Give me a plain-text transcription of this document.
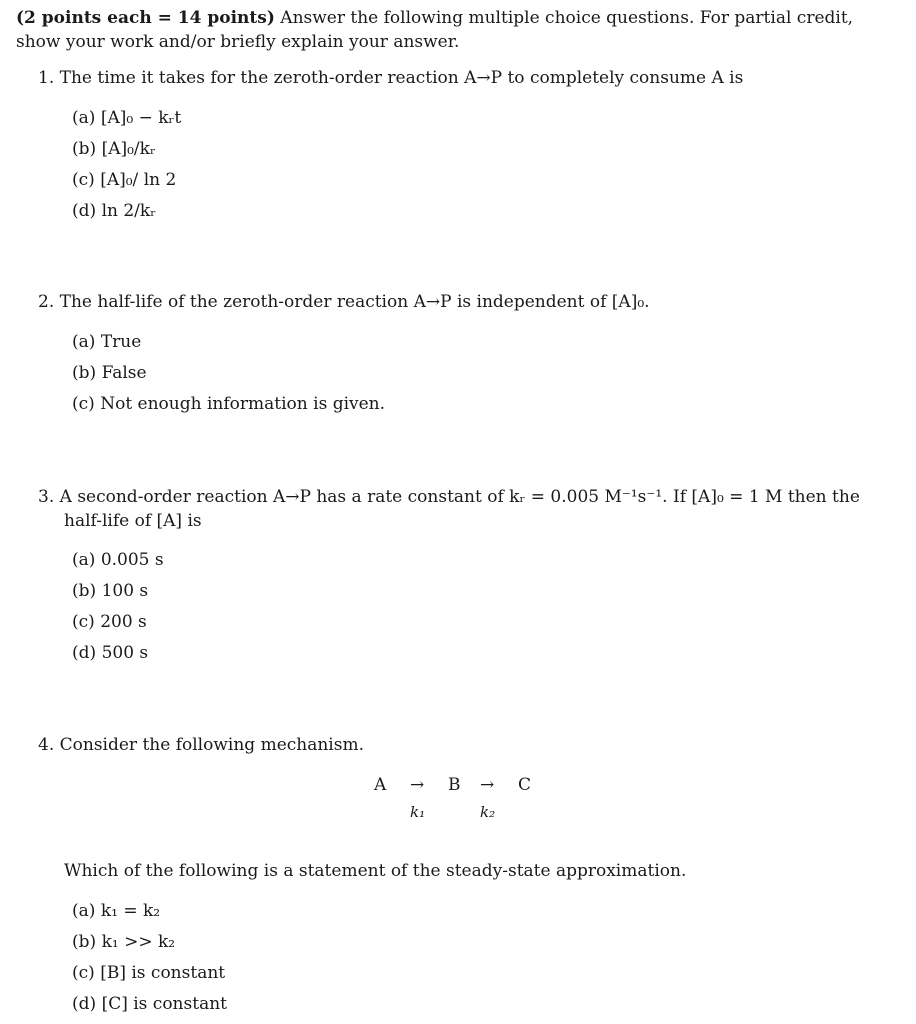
(2 points each = 14 points) Answer the following multiple choice questions. For partial credit, show your work and/or briefly explain your answer.
1. The time it takes for the zeroth-order reaction A→P to completely consume A is
(a) [A]₀ − kᵣt
(b) [A]₀/kᵣ
(c) [A]₀/ ln 2
(d) ln 2/kᵣ
2. The half-life of the zeroth-order reaction A→P is independent of [A]₀.
(a) True
(b) False
(c) Not enough information is given.
3. A second-order reaction A→P has a rate constant of kᵣ = 0.005 M⁻¹s⁻¹. If [A]₀ = 1 M then the
half-life of [A] is
(a) 0.005 s
(b) 100 s
(c) 200 s
(d) 500 s
4. Consider the following mechanism.
A → B → C
k₁	k₂
Which of the following is a statement of the steady-state approximation.
(a) k₁ = k₂
(b) k₁ >> k₂
(c) [B] is constant
(d) [C] is constant
